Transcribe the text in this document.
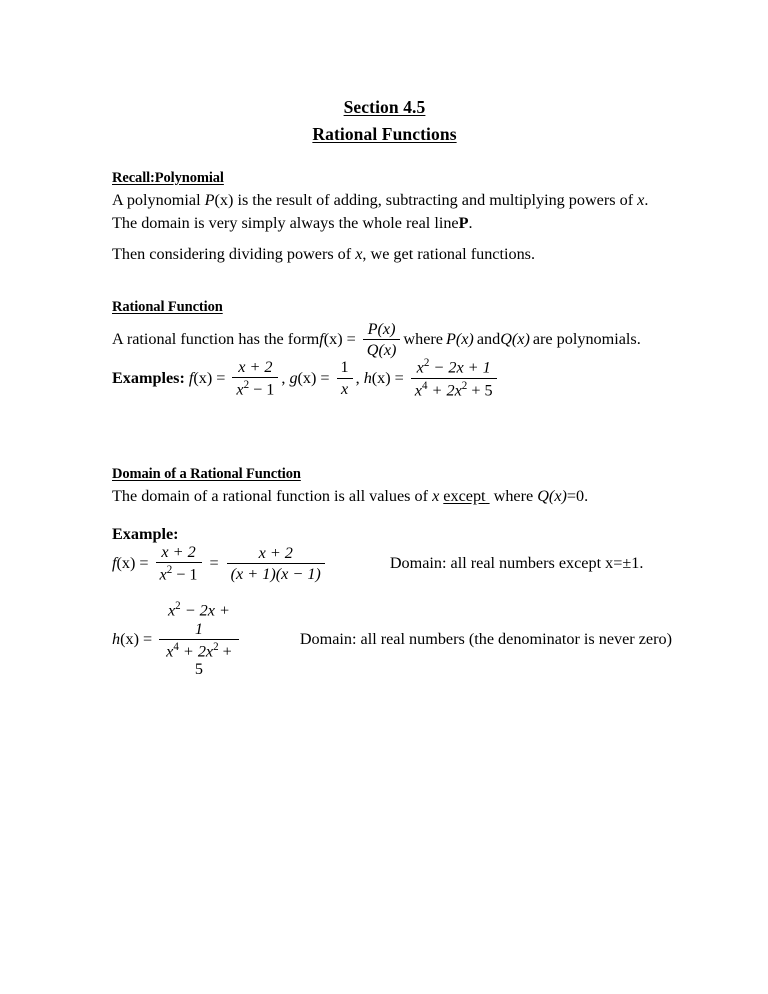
Section 4.5
Rational Functions
Recall:Polynomial
A polynomial P(x) is the result of adding, subtracting and multiplying powers of x. The domain is very simply always the whole real lineP.
Then considering dividing powers of x, we get rational functions.
Rational Function
A rational function has the form f $(x) = \frac{P(x)}{Q(x)}$ where P(x) and Q(x) are polynomials.
Examples : f $(x) = \frac{x + 2}{x^2 - 1}$ , g $(x) = \frac{1}{x}$ , h $(x) = \frac{x^2 - 2x + 1}{x^4 + 2x^2 + 5}$
Domain of a Rational Function
The domain of a rational function is all values of x except  where Q(x)=0.
Example:
f $(x) = \frac{x + 2}{x^2 - 1} = \frac{x + 2}{(x + 1)(x - 1)}$	Domain: all real numbers except x=±1.
h $(x) = \frac{x^2 - 2x + 1}{x^4 + 2x^2 + 5}$	Domain: all real numbers (the denominator is never zero)
